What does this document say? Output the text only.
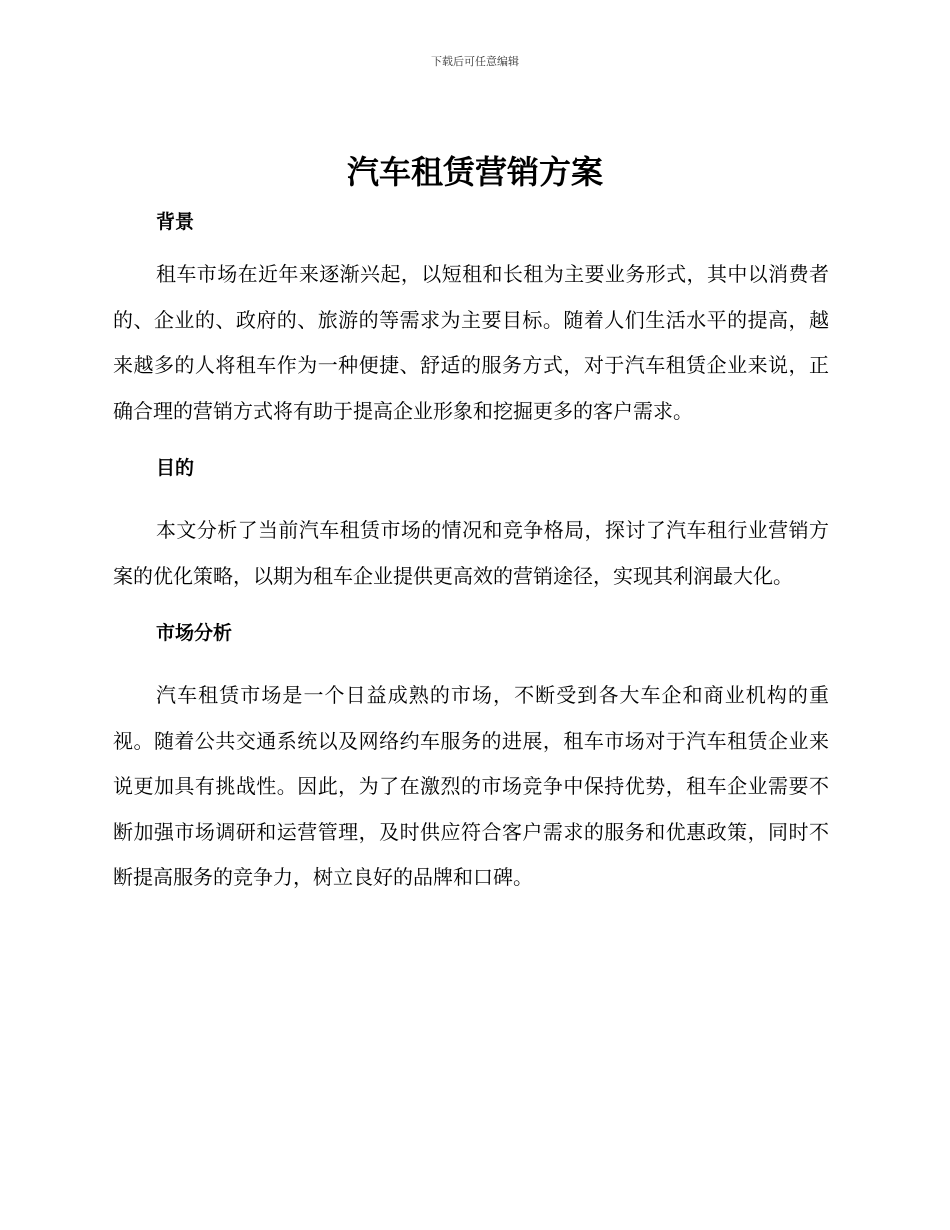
下载后可任意编辑
汽车租赁营销方案
背景

租车市场在近年来逐渐兴起，以短租和长租为主要业务形式，其中以消费者的、企业的、政府的、旅游的等需求为主要目标。随着人们生活水平的提高，越来越多的人将租车作为一种便捷、舒适的服务方式，对于汽车租赁企业来说，正确合理的营销方式将有助于提高企业形象和挖掘更多的客户需求。

目的

本文分析了当前汽车租赁市场的情况和竞争格局，探讨了汽车租行业营销方案的优化策略，以期为租车企业提供更高效的营销途径，实现其利润最大化。

市场分析

汽车租赁市场是一个日益成熟的市场，不断受到各大车企和商业机构的重视。随着公共交通系统以及网络约车服务的进展，租车市场对于汽车租赁企业来说更加具有挑战性。因此，为了在激烈的市场竞争中保持优势，租车企业需要不断加强市场调研和运营管理，及时供应符合客户需求的服务和优惠政策，同时不断提高服务的竞争力，树立良好的品牌和口碑。
